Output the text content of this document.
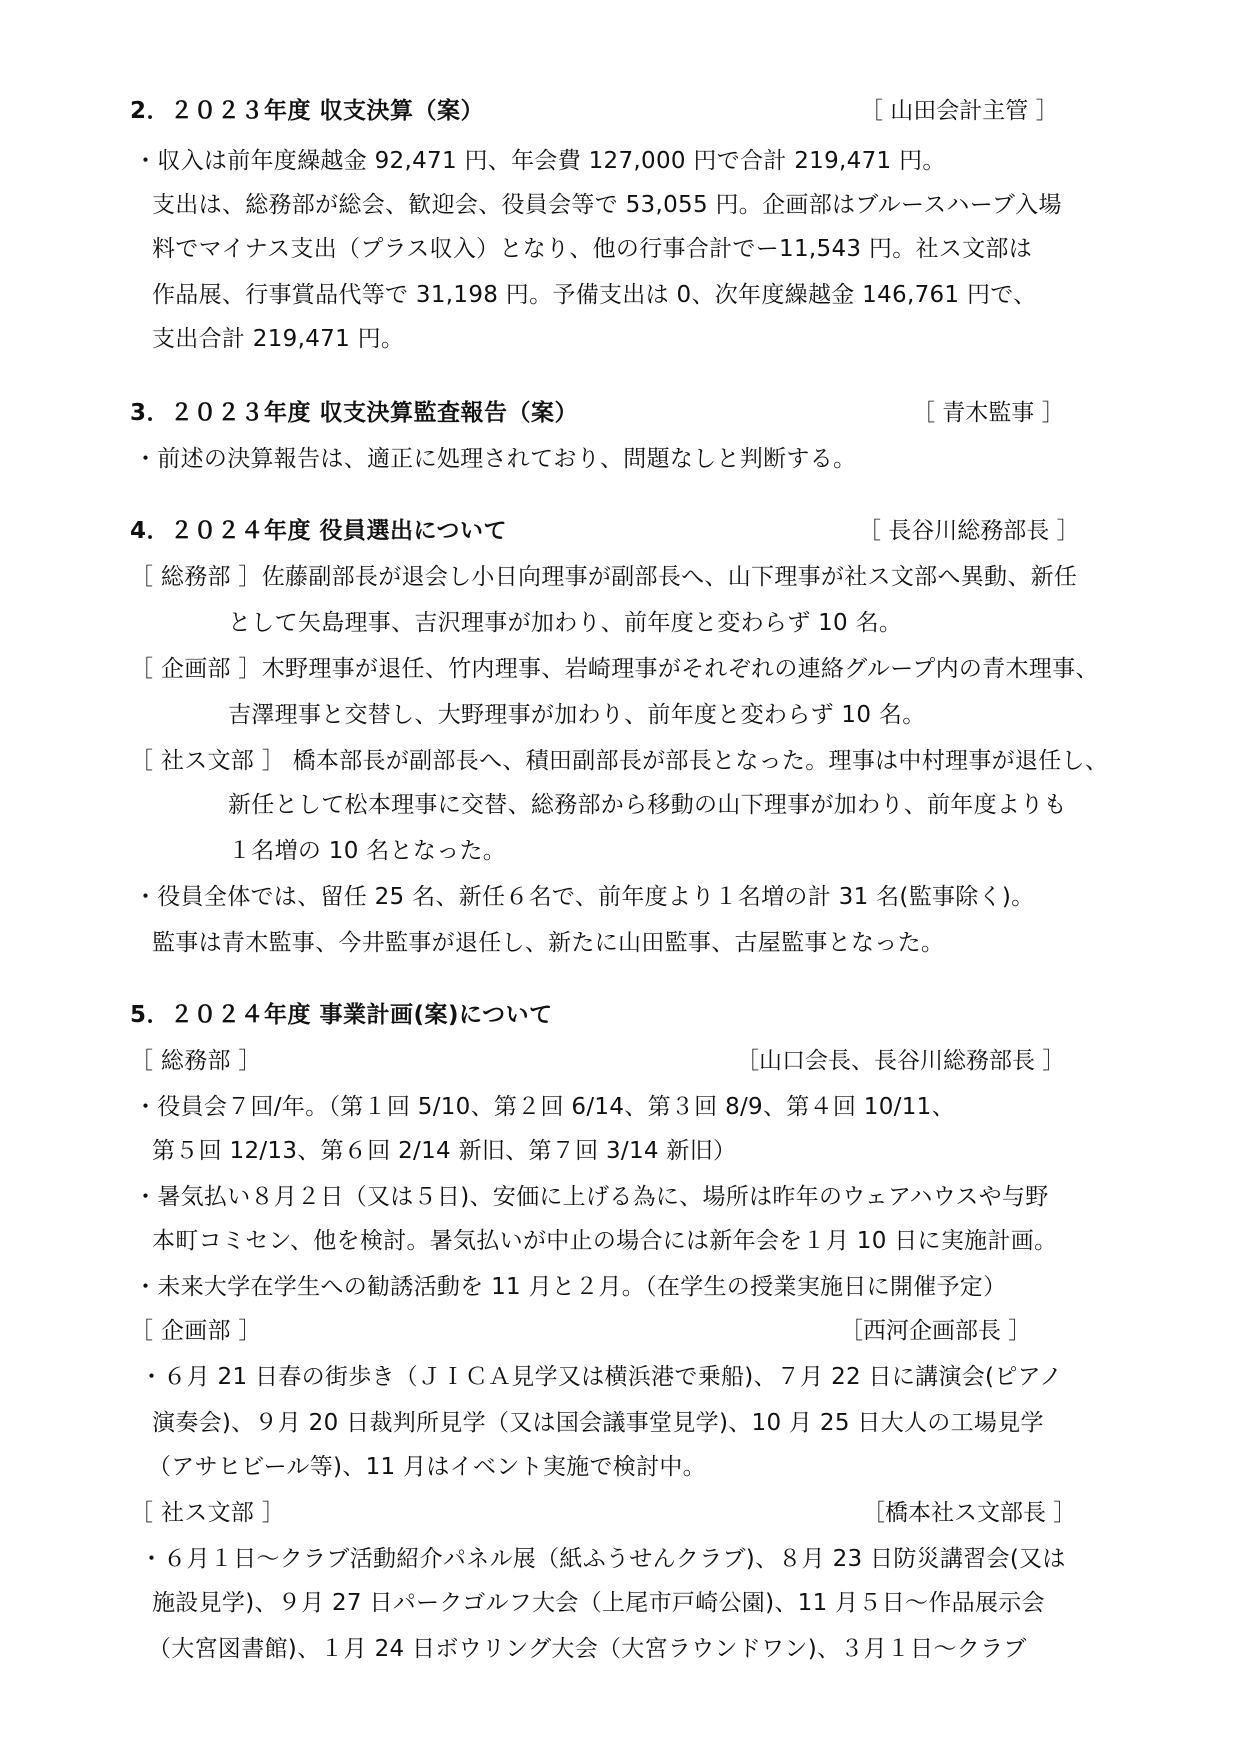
2．２０２３年度 収支決算（案）	［ 山田会計主管 ］
・収入は前年度繰越金 92,471 円、年会費 127,000 円で合計 219,471 円。
支出は、総務部が総会、歓迎会、役員会等で 53,055 円。企画部はブルースハーブ入場
料でマイナス支出（プラス収入）となり、他の行事合計でー11,543 円。社ス文部は
作品展、行事賞品代等で 31,198 円。予備支出は 0、次年度繰越金 146,761 円で、
支出合計 219,471 円。
3．２０２３年度 収支決算監査報告（案）	［ 青木監事 ］
・前述の決算報告は、適正に処理されており、問題なしと判断する。
4．２０２４年度 役員選出について	［ 長谷川総務部長 ］
［ 総務部 ］佐藤副部長が退会し小日向理事が副部長へ、山下理事が社ス文部へ異動、新任
として矢島理事、吉沢理事が加わり、前年度と変わらず 10 名。
［ 企画部 ］木野理事が退任、竹内理事、岩崎理事がそれぞれの連絡グループ内の青木理事、
吉澤理事と交替し、大野理事が加わり、前年度と変わらず 10 名。
［ 社ス文部 ］ 橋本部長が副部長へ、積田副部長が部長となった。理事は中村理事が退任し、
新任として松本理事に交替、総務部から移動の山下理事が加わり、前年度よりも
１名増の 10 名となった。
・役員全体では、留任 25 名、新任６名で、前年度より１名増の計 31 名(監事除く)。
監事は青木監事、今井監事が退任し、新たに山田監事、古屋監事となった。
5．２０２４年度 事業計画(案)について
［ 総務部 ］	［山口会長、長谷川総務部長 ］
・役員会７回/年。（第１回 5/10、第２回 6/14、第３回 8/9、第４回 10/11、
第５回 12/13、第６回 2/14 新旧、第７回 3/14 新旧）
・暑気払い８月２日（又は５日)、安価に上げる為に、場所は昨年のウェアハウスや与野
本町コミセン、他を検討。暑気払いが中止の場合には新年会を１月 10 日に実施計画。
・未来大学在学生への勧誘活動を 11 月と２月。（在学生の授業実施日に開催予定）
［ 企画部 ］	［西河企画部長 ］
・６月 21 日春の街歩き（ＪＩＣＡ見学又は横浜港で乗船)、７月 22 日に講演会(ピアノ
演奏会)、９月 20 日裁判所見学（又は国会議事堂見学)、10 月 25 日大人の工場見学
（アサヒビール等)、11 月はイベント実施で検討中。
［ 社ス文部 ］	［橋本社ス文部長 ］
・６月１日～クラブ活動紹介パネル展（紙ふうせんクラブ)、８月 23 日防災講習会(又は
施設見学)、９月 27 日パークゴルフ大会（上尾市戸崎公園)、11 月５日～作品展示会
（大宮図書館)、１月 24 日ボウリング大会（大宮ラウンドワン)、３月１日～クラブ
